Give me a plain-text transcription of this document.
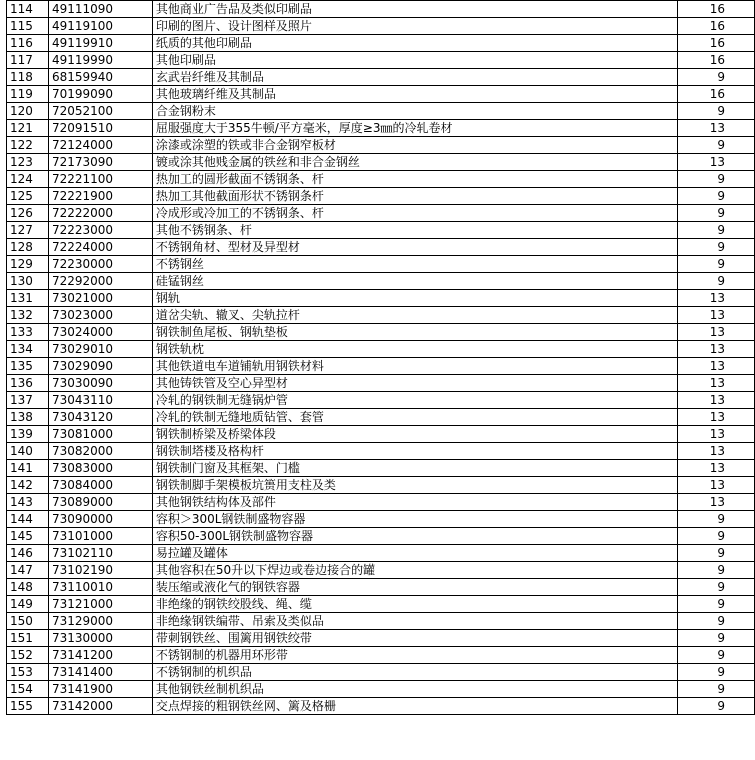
114	49111090	其他商业广告品及类似印刷品	16
115	49119100	印刷的图片、设计图样及照片	16
116	49119910	纸质的其他印刷品	16
117	49119990	其他印刷品	16
118	68159940	玄武岩纤维及其制品	9
119	70199090	其他玻璃纤维及其制品	16
120	72052100	合金钢粉末	9
121	72091510	屈服强度大于355牛顿/平方毫米，厚度≥3㎜的冷轧卷材	13
122	72124000	涂漆或涂塑的铁或非合金钢窄板材	9
123	72173090	镀或涂其他贱金属的铁丝和非合金钢丝	13
124	72221100	热加工的圆形截面不锈钢条、杆	9
125	72221900	热加工其他截面形状不锈钢条杆	9
126	72222000	冷成形或冷加工的不锈钢条、杆	9
127	72223000	其他不锈钢条、杆	9
128	72224000	不锈钢角材、型材及异型材	9
129	72230000	不锈钢丝	9
130	72292000	硅锰钢丝	9
131	73021000	钢轨	13
132	73023000	道岔尖轨、辙叉、尖轨拉杆	13
133	73024000	钢铁制鱼尾板、钢轨垫板	13
134	73029010	钢铁轨枕	13
135	73029090	其他铁道电车道铺轨用钢铁材料	13
136	73030090	其他铸铁管及空心异型材	13
137	73043110	冷轧的钢铁制无缝锅炉管	13
138	73043120	冷轧的铁制无缝地质钻管、套管	13
139	73081000	钢铁制桥梁及桥梁体段	13
140	73082000	钢铁制塔楼及格构杆	13
141	73083000	钢铁制门窗及其框架、门槛	13
142	73084000	钢铁制脚手架模板坑篑用支柱及类	13
143	73089000	其他钢铁结构体及部件	13
144	73090000	容积＞300L钢铁制盛物容器	9
145	73101000	容积50-300L钢铁制盛物容器	9
146	73102110	易拉罐及罐体	9
147	73102190	其他容积在50升以下焊边或卷边接合的罐	9
148	73110010	装压缩或液化气的钢铁容器	9
149	73121000	非绝缘的钢铁绞股线、绳、缆	9
150	73129000	非绝缘钢铁编带、吊索及类似品	9
151	73130000	带刺钢铁丝、围篱用钢铁绞带	9
152	73141200	不锈钢制的机器用环形带	9
153	73141400	不锈钢制的机织品	9
154	73141900	其他钢铁丝制机织品	9
155	73142000	交点焊接的粗钢铁丝网、篱及格栅	9
